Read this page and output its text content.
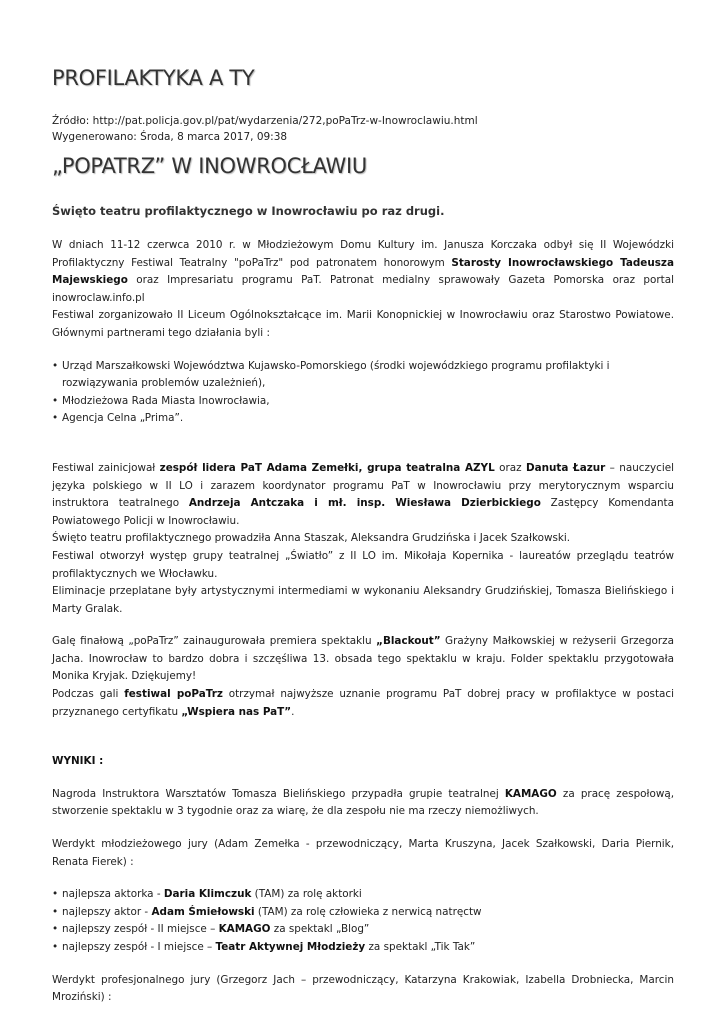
PROFILAKTYKA A TY
Źródło: http://pat.policja.gov.pl/pat/wydarzenia/272,poPaTrz-w-Inowroclawiu.html
Wygenerowano: Środa, 8 marca 2017, 09:38
„POPATRZ” W INOWROCŁAWIU
Święto teatru profilaktycznego w Inowrocławiu po raz drugi.

W dniach 11-12 czerwca 2010 r. w Młodzieżowym Domu Kultury im. Janusza Korczaka odbył się II Wojewódzki Profilaktyczny Festiwal Teatralny "poPaTrz" pod patronatem honorowym Starosty Inowrocławskiego Tadeusza Majewskiego oraz Impresariatu programu PaT. Patronat medialny sprawowały Gazeta Pomorska oraz portal inowroclaw.info.pl

Festiwal zorganizowało II Liceum Ogólnokształcące im. Marii Konopnickiej w Inowrocławiu oraz Starostwo Powiatowe. Głównymi partnerami tego działania byli :

• Urząd Marszałkowski Województwa Kujawsko-Pomorskiego (środki wojewódzkiego programu profilaktyki i rozwiązywania problemów uzależnień),
• Młodzieżowa Rada Miasta Inowrocławia,
• Agencja Celna „Prima”.

Festiwal zainicjował zespół lidera PaT Adama Zemełki, grupa teatralna AZYL oraz Danuta Łazur – nauczyciel języka polskiego w II LO i zarazem koordynator programu PaT w Inowrocławiu przy merytorycznym wsparciu instruktora teatralnego Andrzeja Antczaka i mł. insp. Wiesława Dzierbickiego Zastępcy Komendanta Powiatowego Policji w Inowrocławiu.

Święto teatru profilaktycznego prowadziła Anna Staszak, Aleksandra Grudzińska i Jacek Szałkowski.

Festiwal otworzył występ grupy teatralnej „Światło” z II LO im. Mikołaja Kopernika - laureatów przeglądu teatrów profilaktycznych we Włocławku.

Eliminacje przeplatane były artystycznymi intermediami w wykonaniu Aleksandry Grudzińskiej, Tomasza Bielińskiego i Marty Gralak.

Galę finałową „poPaTrz” zainaugurowała premiera spektaklu „Blackout” Grażyny Małkowskiej w reżyserii Grzegorza Jacha. Inowrocław to bardzo dobra i szczęśliwa 13. obsada tego spektaklu w kraju. Folder spektaklu przygotowała Monika Kryjak. Dziękujemy!

Podczas gali festiwal poPaTrz otrzymał najwyższe uznanie programu PaT dobrej pracy w profilaktyce w postaci przyznanego certyfikatu „Wspiera nas PaT”.

WYNIKI :

Nagroda Instruktora Warsztatów Tomasza Bielińskiego przypadła grupie teatralnej KAMAGO za pracę zespołową, stworzenie spektaklu w 3 tygodnie oraz za wiarę, że dla zespołu nie ma rzeczy niemożliwych.

Werdykt młodzieżowego jury (Adam Zemełka - przewodniczący, Marta Kruszyna, Jacek Szałkowski, Daria Piernik, Renata Fierek) :

• najlepsza aktorka - Daria Klimczuk (TAM) za rolę aktorki
• najlepszy aktor - Adam Śmiełowski (TAM) za rolę człowieka z nerwicą natręctw
• najlepszy zespół - II miejsce – KAMAGO za spektakl „Blog”
• najlepszy zespół - I miejsce – Teatr Aktywnej Młodzieży za spektakl „Tik Tak”

Werdykt profesjonalnego jury (Grzegorz Jach – przewodniczący, Katarzyna Krakowiak, Izabella Drobniecka, Marcin Mroziński) :
